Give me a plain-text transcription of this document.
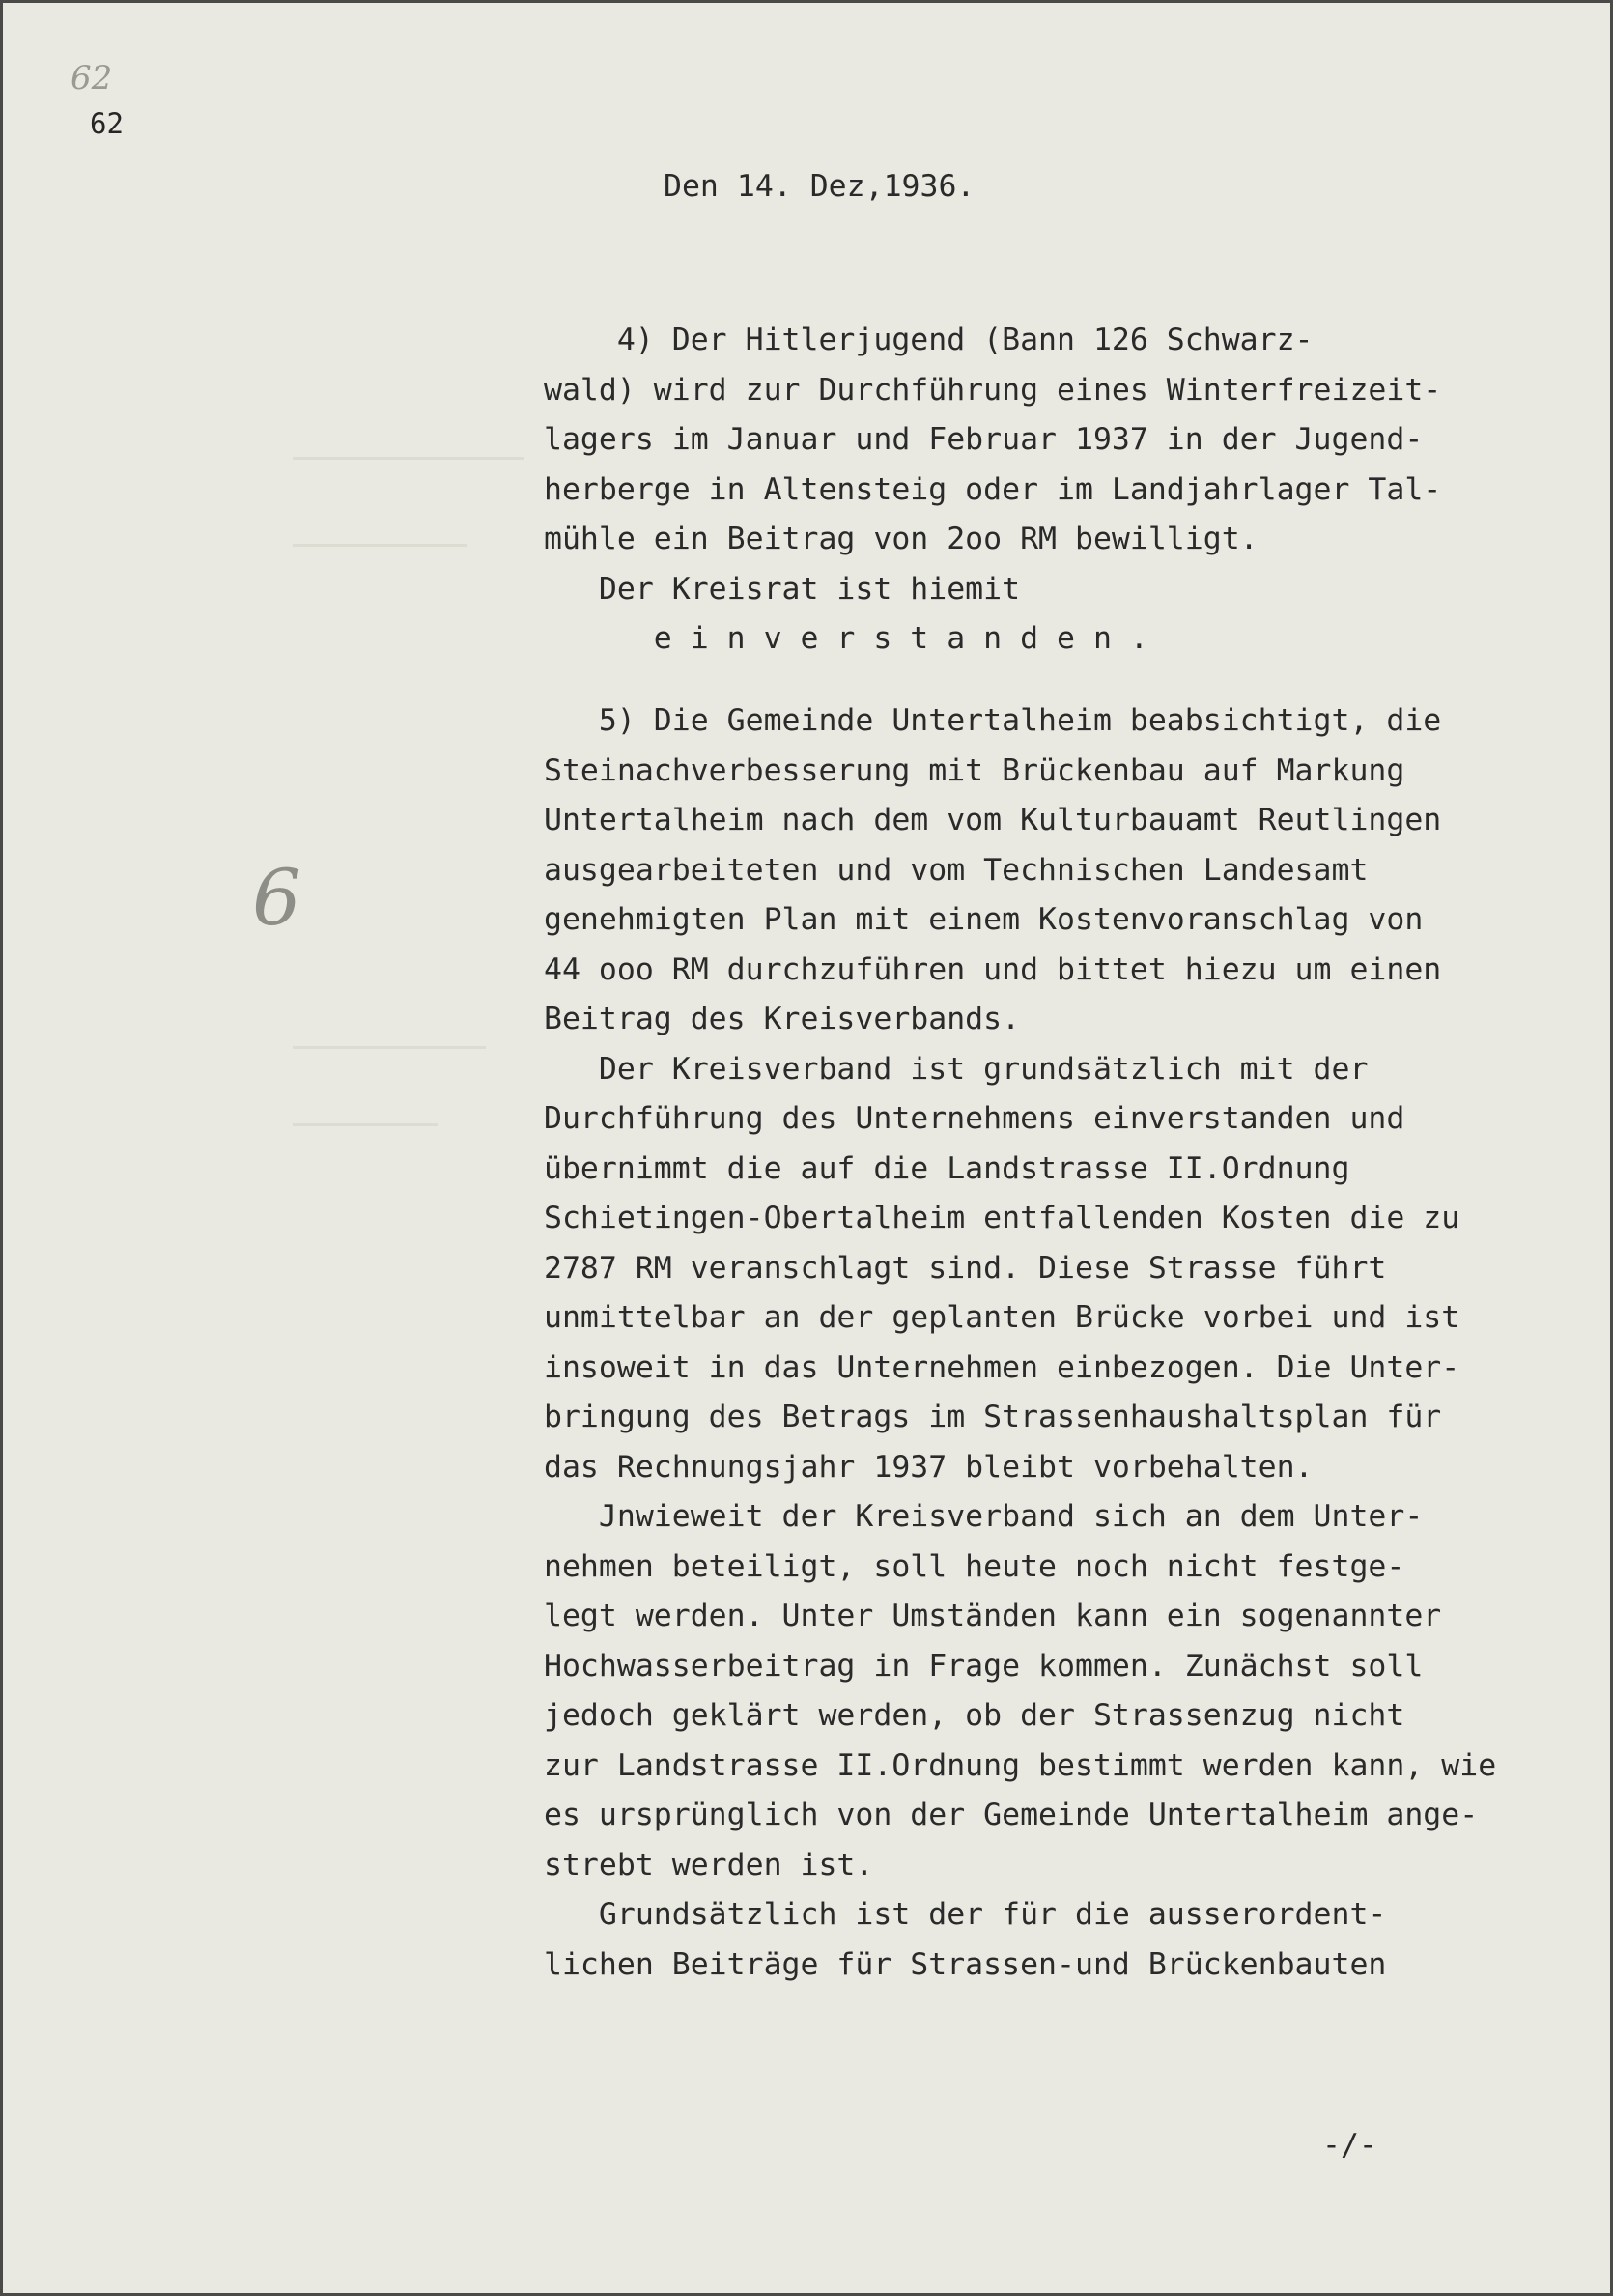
62
62
6
Den 14. Dez,1936.
4) Der Hitlerjugend (Bann 126 Schwarz-
wald) wird zur Durchführung eines Winterfreizeit-
lagers im Januar und Februar 1937 in der Jugend-
herberge in Altensteig oder im Landjahrlager Tal-
mühle ein Beitrag von 2oo RM bewilligt.
Der Kreisrat ist hiemit
e i n v e r s t a n d e n .
5) Die Gemeinde Untertalheim beabsichtigt, die
Steinachverbesserung mit Brückenbau auf Markung
Untertalheim nach dem vom Kulturbauamt Reutlingen
ausgearbeiteten und vom Technischen Landesamt
genehmigten Plan mit einem Kostenvoranschlag von
44 ooo RM durchzuführen und bittet hiezu um einen
Beitrag des Kreisverbands.
Der Kreisverband ist grundsätzlich mit der
Durchführung des Unternehmens einverstanden und
übernimmt die auf die Landstrasse II.Ordnung
Schietingen-Obertalheim entfallenden Kosten die zu
2787 RM veranschlagt sind. Diese Strasse führt
unmittelbar an der geplanten Brücke vorbei und ist
insoweit in das Unternehmen einbezogen. Die Unter-
bringung des Betrags im Strassenhaushaltsplan für
das Rechnungsjahr 1937 bleibt vorbehalten.
Jnwieweit der Kreisverband sich an dem Unter-
nehmen beteiligt, soll heute noch nicht festge-
legt werden. Unter Umständen kann ein sogenannter
Hochwasserbeitrag in Frage kommen. Zunächst soll
jedoch geklärt werden, ob der Strassenzug nicht
zur Landstrasse II.Ordnung bestimmt werden kann, wie
es ursprünglich von der Gemeinde Untertalheim ange-
strebt werden ist.
Grundsätzlich ist der für die ausserordent-
lichen Beiträge für Strassen-und Brückenbauten
-/-
